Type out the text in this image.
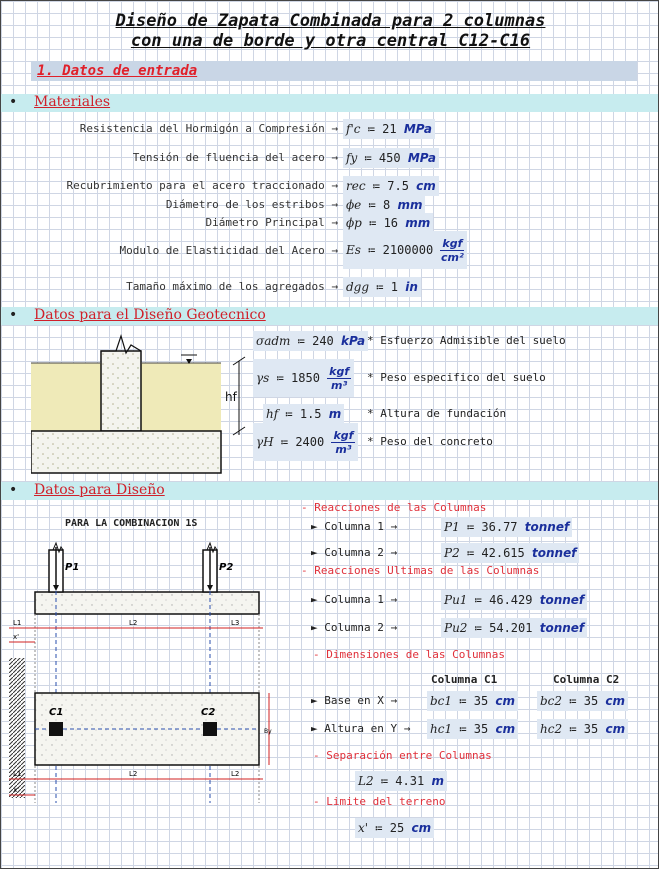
Diseño de Zapata Combinada para 2 columnas
con una de borde y otra central C12-C16
1. Datos de entrada
• Materiales
Resistencia del Hormigón a Compresión → f'c ≔ 21 MPa
Tensión de fluencia del acero → fy ≔ 450 MPa
Recubrimiento para el acero traccionado → rec ≔ 7.5 cm
Diámetro de los estribos → ϕe ≔ 8 mm
Diámetro Principal → ϕp ≔ 16 mm
Modulo de Elasticidad del Acero → Es ≔ $2100000 \frac{\text{kgf}}{\text{cm²}}$
Tamaño máximo de los agregados → dgg ≔ 1 in
• Datos para el Diseño Geotecnico
hf
σadm ≔ 240 kPa * Esfuerzo Admisible del suelo
γs ≔ $1850 \frac{\text{kgf}}{\text{m³}}$ * Peso especifico del suelo
hf ≔ 1.5 m * Altura de fundación
γH ≔ $2400 \frac{\text{kgf}}{\text{m³}}$ * Peso del concreto
• Datos para Diseño
PARA LA COMBINACION 1S
P1	P2
L1	L2	L3
x'
C1	C2
By
L1	L2	L2
x'
- Reacciones de las Columnas
► Columna 1 →	P1 ≔ 36.77 tonnef
► Columna 2 →	P2 ≔ 42.615 tonnef
- Reacciones Ultimas de las Columnas
► Columna 1 →	Pu1 ≔ 46.429 tonnef
► Columna 2 →	Pu2 ≔ 54.201 tonnef
- Dimensiones de las Columnas
Columna C1	Columna C2
► Base en X →	bc1 ≔ 35 cm bc2 ≔ 35 cm
► Altura en Y → hc1 ≔ 35 cm hc2 ≔ 35 cm
- Separación entre Columnas
L2 ≔ 4.31 m
- Limite del terreno
x' ≔ 25 cm
